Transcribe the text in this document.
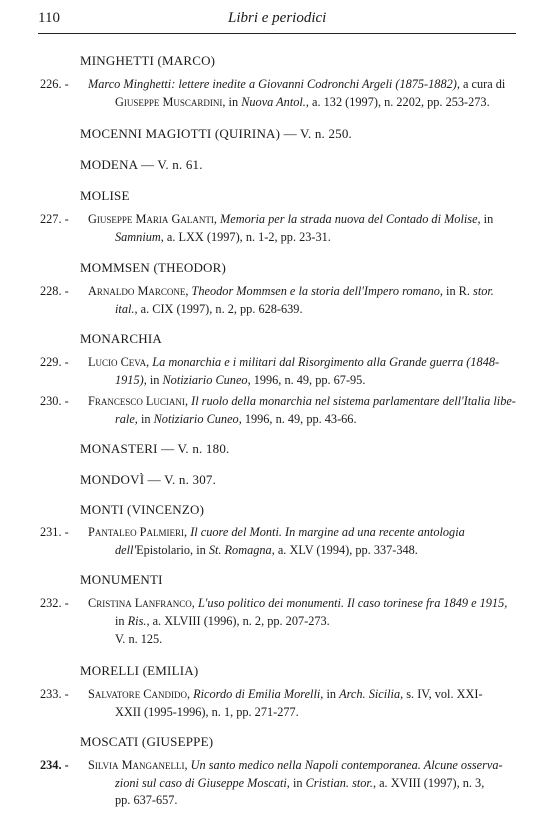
110	Libri e periodici
MINGHETTI (MARCO)
226. -	Marco Minghetti: lettere inedite a Giovanni Codronchi Argeli (1875-1882), a cura di
Giuseppe Muscardini, in Nuova Antol., a. 132 (1997), n. 2202, pp. 253-273.
MOCENNI MAGIOTTI (QUIRINA) — V. n. 250.
MODENA — V. n. 61.
MOLISE
227. -	Giuseppe Maria Galanti, Memoria per la strada nuova del Contado di Molise, in
Samnium, a. LXX (1997), n. 1-2, pp. 23-31.
MOMMSEN (THEODOR)
228. -	Arnaldo Marcone, Theodor Mommsen e la storia dell'Impero romano, in R. stor.
ital., a. CIX (1997), n. 2, pp. 628-639.
MONARCHIA
229. -	Lucio Ceva, La monarchia e i militari dal Risorgimento alla Grande guerra (1848-
1915), in Notiziario Cuneo, 1996, n. 49, pp. 67-95.
230. -	Francesco Luciani, Il ruolo della monarchia nel sistema parlamentare dell'Italia libe-
rale, in Notiziario Cuneo, 1996, n. 49, pp. 43-66.
MONASTERI — V. n. 180.
MONDOVÌ — V. n. 307.
MONTI (VINCENZO)
231. -	Pantaleo Palmieri, Il cuore del Monti. In margine ad una recente antologia
dell'Epistolario, in St. Romagna, a. XLV (1994), pp. 337-348.
MONUMENTI
232. -	Cristina Lanfranco, L'uso politico dei monumenti. Il caso torinese fra 1849 e 1915,
in Ris., a. XLVIII (1996), n. 2, pp. 207-273.
V. n. 125.
MORELLI (EMILIA)
233. -	Salvatore Candido, Ricordo di Emilia Morelli, in Arch. Sicilia, s. IV, vol. XXI-
XXII (1995-1996), n. 1, pp. 271-277.
MOSCATI (GIUSEPPE)
234. -	Silvia Manganelli, Un santo medico nella Napoli contemporanea. Alcune osserva-
zioni sul caso di Giuseppe Moscati, in Cristian. stor., a. XVIII (1997), n. 3,
pp. 637-657.
